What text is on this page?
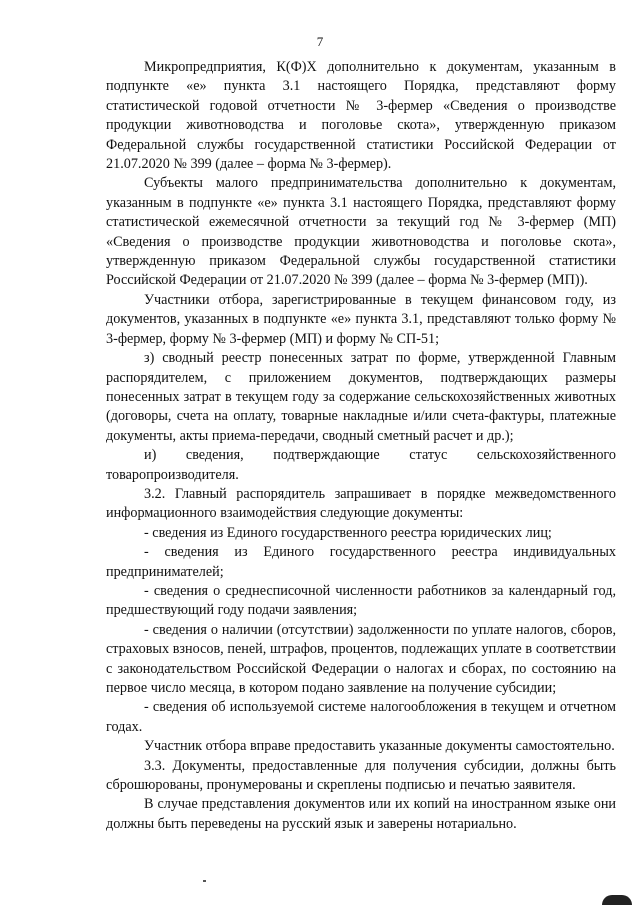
7

Микропредприятия, К(Ф)Х дополнительно к документам, указанным в подпункте «е» пункта 3.1 настоящего Порядка, представляют форму статистической годовой отчетности № 3-фермер «Сведения о производстве продукции животноводства и поголовье скота», утвержденную приказом Федеральной службы государственной статистики Российской Федерации от 21.07.2020 № 399 (далее – форма № 3-фермер).

Субъекты малого предпринимательства дополнительно к документам, указанным в подпункте «е» пункта 3.1 настоящего Порядка, представляют форму статистической ежемесячной отчетности за текущий год № 3-фермер (МП) «Сведения о производстве продукции животноводства и поголовье скота», утвержденную приказом Федеральной службы государственной статистики Российской Федерации от 21.07.2020 № 399 (далее – форма № 3-фермер (МП)).

Участники отбора, зарегистрированные в текущем финансовом году, из документов, указанных в подпункте «е» пункта 3.1, представляют только форму № 3-фермер, форму № 3-фермер (МП) и форму № СП-51;

з) сводный реестр понесенных затрат по форме, утвержденной Главным распорядителем, с приложением документов, подтверждающих размеры понесенных затрат в текущем году за содержание сельскохозяйственных животных (договоры, счета на оплату, товарные накладные и/или счета-фактуры, платежные документы, акты приема-передачи, сводный сметный расчет и др.);

и) сведения, подтверждающие статус сельскохозяйственного товаропроизводителя.

3.2. Главный распорядитель запрашивает в порядке межведомственного информационного взаимодействия следующие документы:

- сведения из Единого государственного реестра юридических лиц;

- сведения из Единого государственного реестра индивидуальных предпринимателей;

- сведения о среднесписочной численности работников за календарный год, предшествующий году подачи заявления;

- сведения о наличии (отсутствии) задолженности по уплате налогов, сборов, страховых взносов, пеней, штрафов, процентов, подлежащих уплате в соответствии с законодательством Российской Федерации о налогах и сборах, по состоянию на первое число месяца, в котором подано заявление на получение субсидии;

- сведения об используемой системе налогообложения в текущем и отчетном годах.

Участник отбора вправе предоставить указанные документы самостоятельно.

3.3. Документы, предоставленные для получения субсидии, должны быть сброшюрованы, пронумерованы и скреплены подписью и печатью заявителя.

В случае представления документов или их копий на иностранном языке они должны быть переведены на русский язык и заверены нотариально.
